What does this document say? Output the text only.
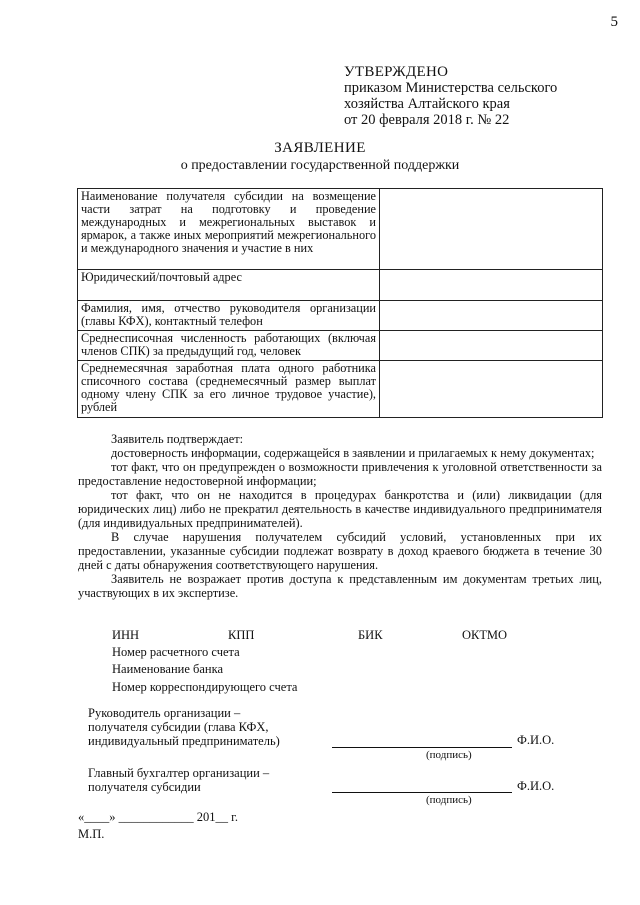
5
УТВЕРЖДЕНО
приказом Министерства сельского
хозяйства Алтайского края
от 20 февраля 2018 г. № 22
ЗАЯВЛЕНИЕ
о предоставлении государственной поддержки
Наименование получателя субсидии на возмещение части затрат на подготовку и проведение международных и межрегиональных выставок и ярмарок, а также иных мероприятий межрегионального и международного значения и участие в них	
Юридический/почтовый адрес	
Фамилия, имя, отчество руководителя организации (главы КФХ), контактный телефон	
Среднесписочная численность работающих (включая членов СПК) за предыдущий год, человек	
Среднемесячная заработная плата одного работника списочного состава (среднемесячный размер выплат одному члену СПК за его личное трудовое участие), рублей	

Заявитель подтверждает:

достоверность информации, содержащейся в заявлении и прилагаемых к нему документах;

тот факт, что он предупрежден о возможности привлечения к уголовной ответственности за предоставление недостоверной информации;

тот факт, что он не находится в процедурах банкротства и (или) ликвидации (для юридических лиц) либо не прекратил деятельность в качестве индивидуального предпринимателя (для индивидуальных предпринимателей).

В случае нарушения получателем субсидий условий, установленных при их предоставлении, указанные субсидии подлежат возврату в доход краевого бюджета в течение 30 дней с даты обнаружения соответствующего нарушения.

Заявитель не возражает против доступа к представленным им документам третьих лиц, участвующих в их экспертизе.

ИНН	КПП	БИК	ОКТМО
Номер расчетного счета
Наименование банка
Номер корреспондирующего счета
Руководитель организации –
получателя субсидии (глава КФХ,
индивидуальный предприниматель)	Ф.И.О.
(подпись)
Главный бухгалтер организации –
получателя субсидии	Ф.И.О.
(подпись)
«____» ____________ 201__ г.
М.П.
